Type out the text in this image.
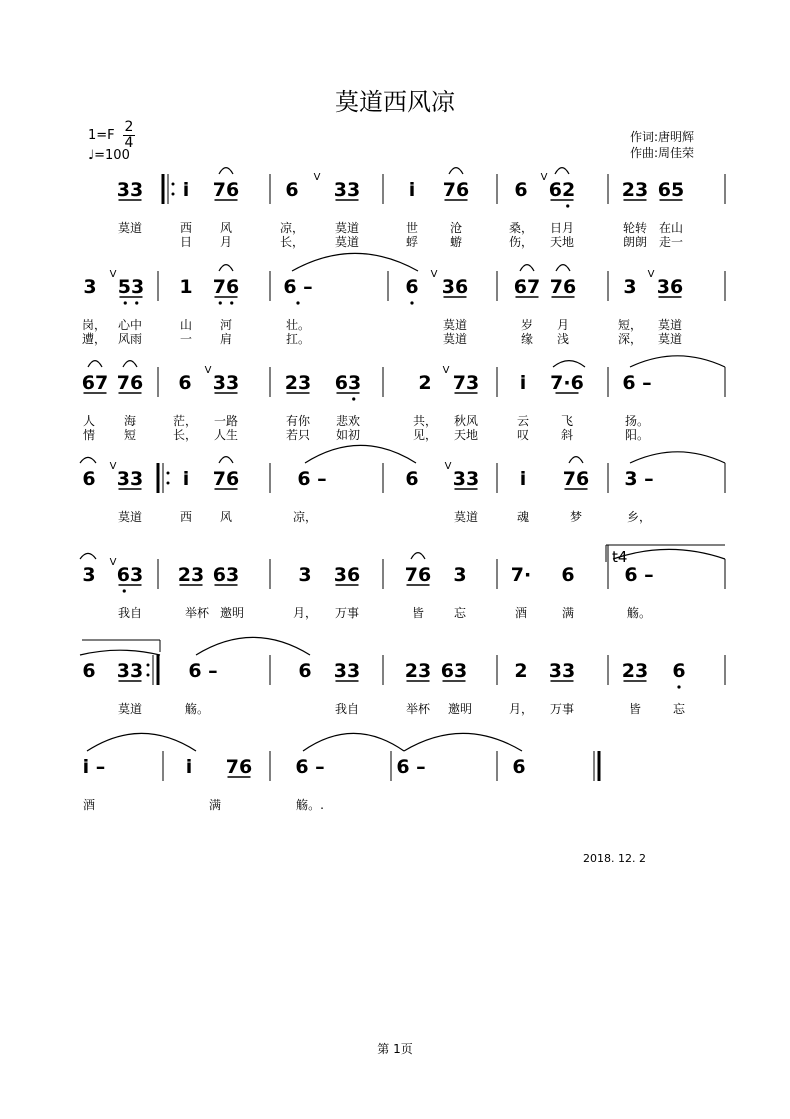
莫道西风凉
1=F
2
4
♩=100
作词:唐明辉
作曲:周佳荣
2018. 12. 2
第 1页
33 i 76 6 33	i 76 6 62 23 65
莫道	西 风	凉，	莫道	世	沧	桑， 日月	轮转 在山
日 月	长，	莫道	蜉	蝣	伤， 天地	朗朗 走一
3 53 1 76 6 –	6 36 67 76 3 36
岗， 心中	山 河	壮。	莫道	岁 月	短， 莫道
遭， 风雨	一 肩	扛。	莫道	缘 浅	深， 莫道
67 76 6 33 23 63	2 73 i 7·6 6 –
人 海	茫， 一路	有你 悲欢	共， 秋风	云	飞	扬。
情 短	长， 人生	若只 如初	见， 天地	叹	斜	阳。
6 33 i 76	6 –	6 33 i 76 3 –
莫道	西 风	凉，	莫道	魂	梦	乡，
3 63 23 63	3 36 76 3 7· 6	6 –
我自	举杯 邀明	月， 万事	皆 忘	酒	满	觞。
6 33 6 –	6 33 23 63 2 33 23 6
莫道	觞。	我自	举杯 邀明	月， 万事	皆	忘
i –	i 76 6 –	6 –	6
酒	满	觞。.
V	V
V	V	V
V	V
V	V
V	t4
